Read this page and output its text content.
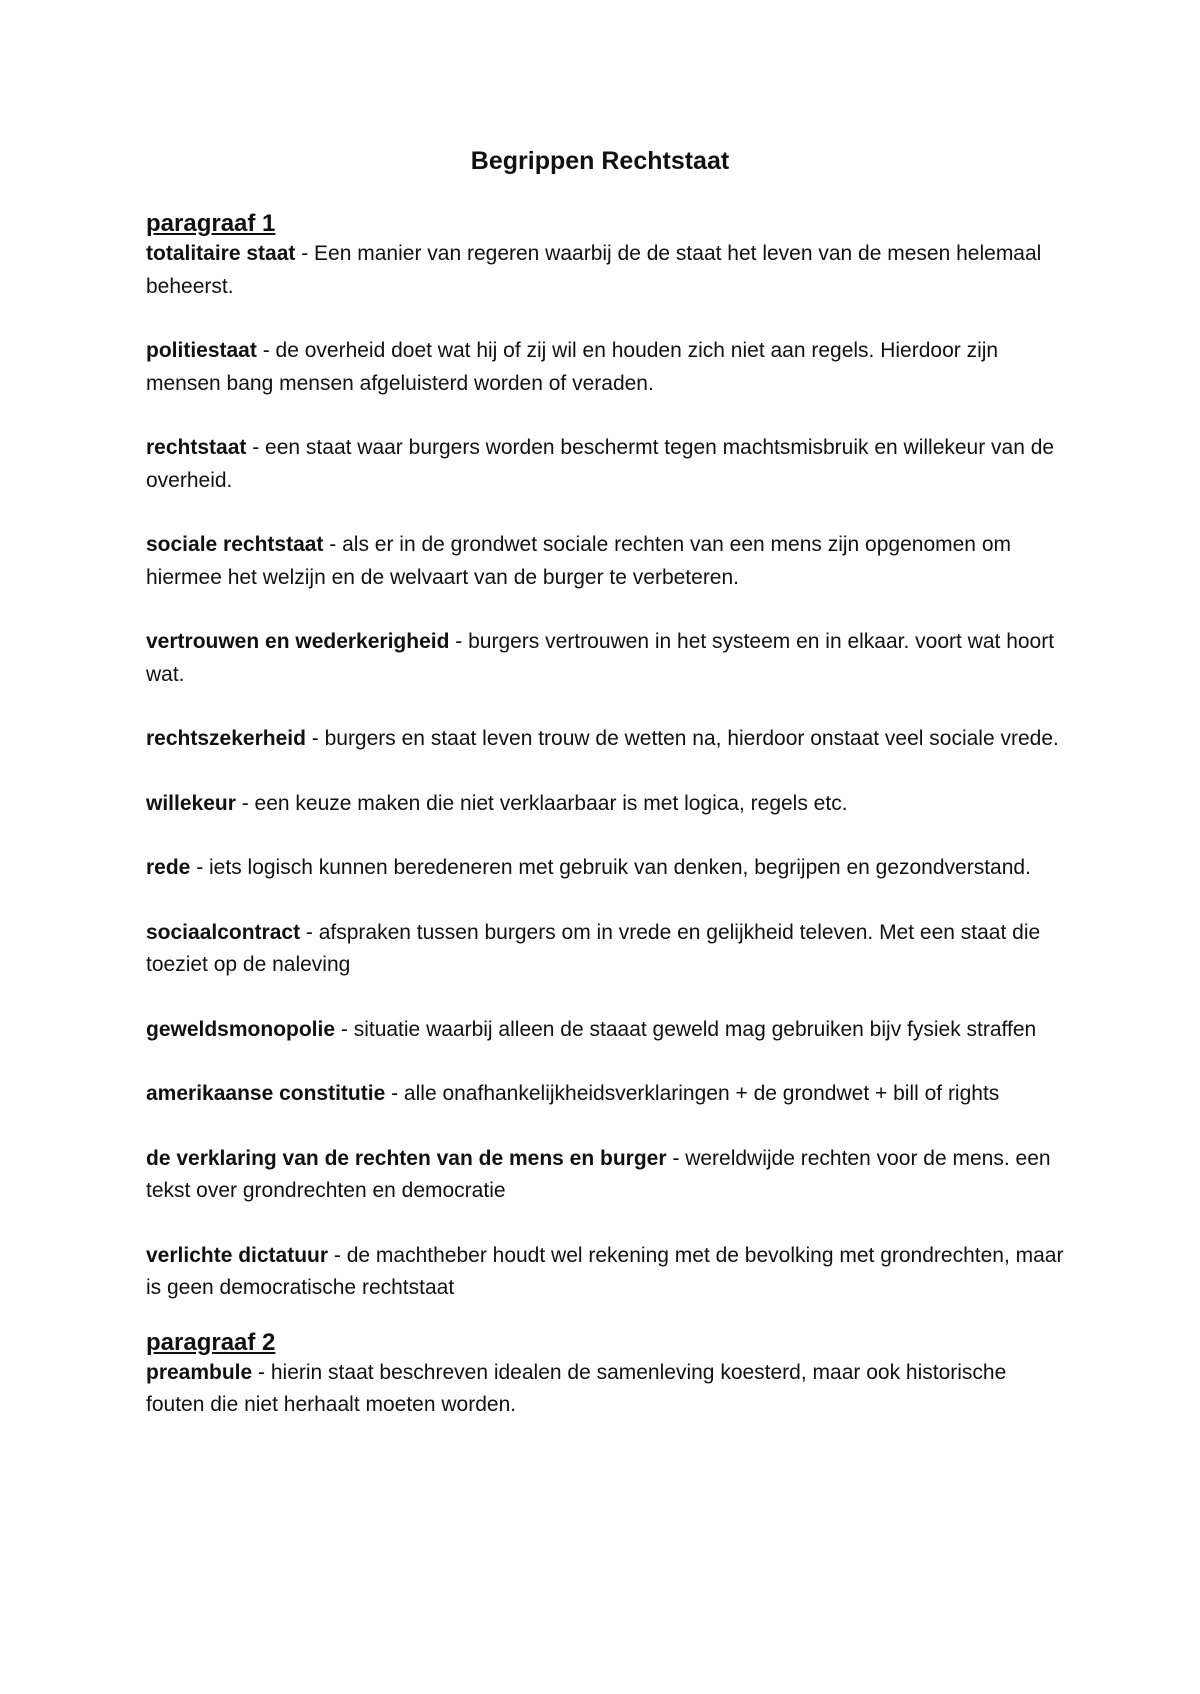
Begrippen Rechtstaat
paragraaf 1

totalitaire staat - Een manier van regeren waarbij de de staat het leven van de mesen helemaal beheerst.

politiestaat - de overheid doet wat hij of zij wil en houden zich niet aan regels. Hierdoor zijn mensen bang mensen afgeluisterd worden of veraden.

rechtstaat - een staat waar burgers worden beschermt tegen machtsmisbruik en willekeur van de overheid.

sociale rechtstaat - als er in de grondwet sociale rechten van een mens zijn opgenomen om hiermee het welzijn en de welvaart van de burger te verbeteren.

vertrouwen en wederkerigheid - burgers vertrouwen in het systeem en in elkaar. voort wat hoort wat.

rechtszekerheid - burgers en staat leven trouw de wetten na, hierdoor onstaat veel sociale vrede.

willekeur - een keuze maken die niet verklaarbaar is met logica, regels etc.

rede - iets logisch kunnen beredeneren met gebruik van denken, begrijpen en gezondverstand.

sociaalcontract - afspraken tussen burgers om in vrede en gelijkheid televen. Met een staat die toeziet op de naleving

geweldsmonopolie - situatie waarbij alleen de staaat geweld mag gebruiken bijv fysiek straffen

amerikaanse constitutie - alle onafhankelijkheidsverklaringen + de grondwet + bill of rights

de verklaring van de rechten van de mens en burger - wereldwijde rechten voor de mens. een tekst over grondrechten en democratie

verlichte dictatuur - de machtheber houdt wel rekening met de bevolking met grondrechten, maar is geen democratische rechtstaat

paragraaf 2

preambule - hierin staat beschreven idealen de samenleving koesterd, maar ook historische fouten die niet herhaalt moeten worden.
